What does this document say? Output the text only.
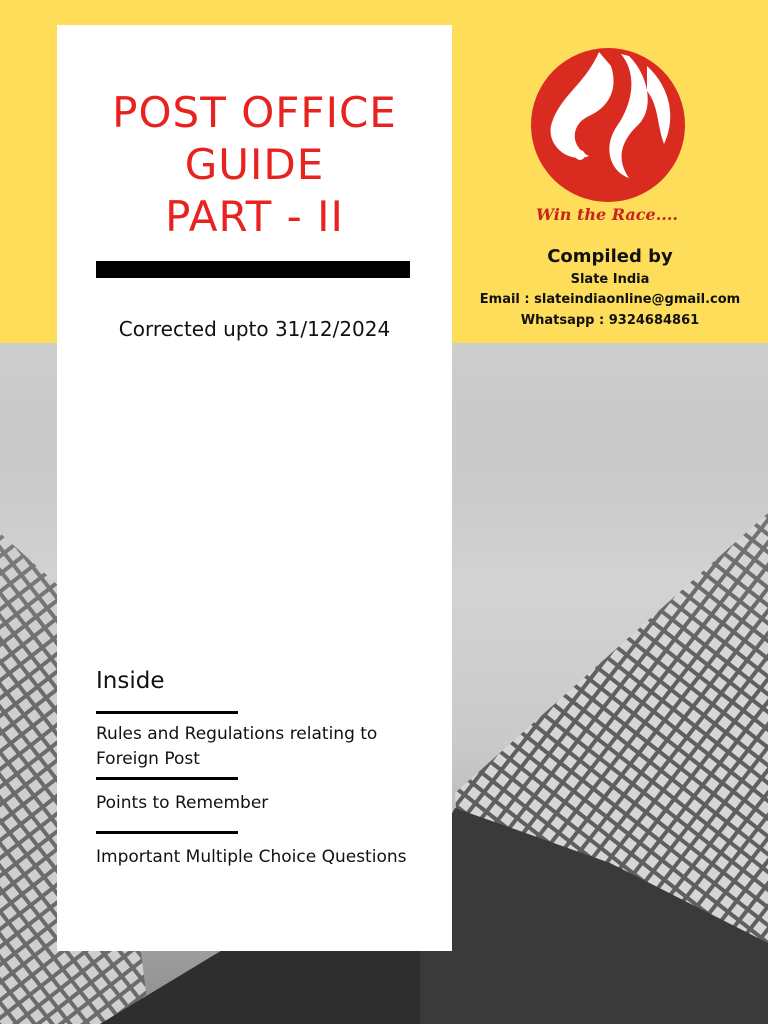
POST OFFICE
GUIDE
PART - II
Corrected upto 31/12/2024
Inside
Rules and Regulations relating to Foreign Post
Points to Remember
Important Multiple Choice Questions
Win the Race....
Compiled by
Slate India
Email : slateindiaonline@gmail.com
Whatsapp : 9324684861
